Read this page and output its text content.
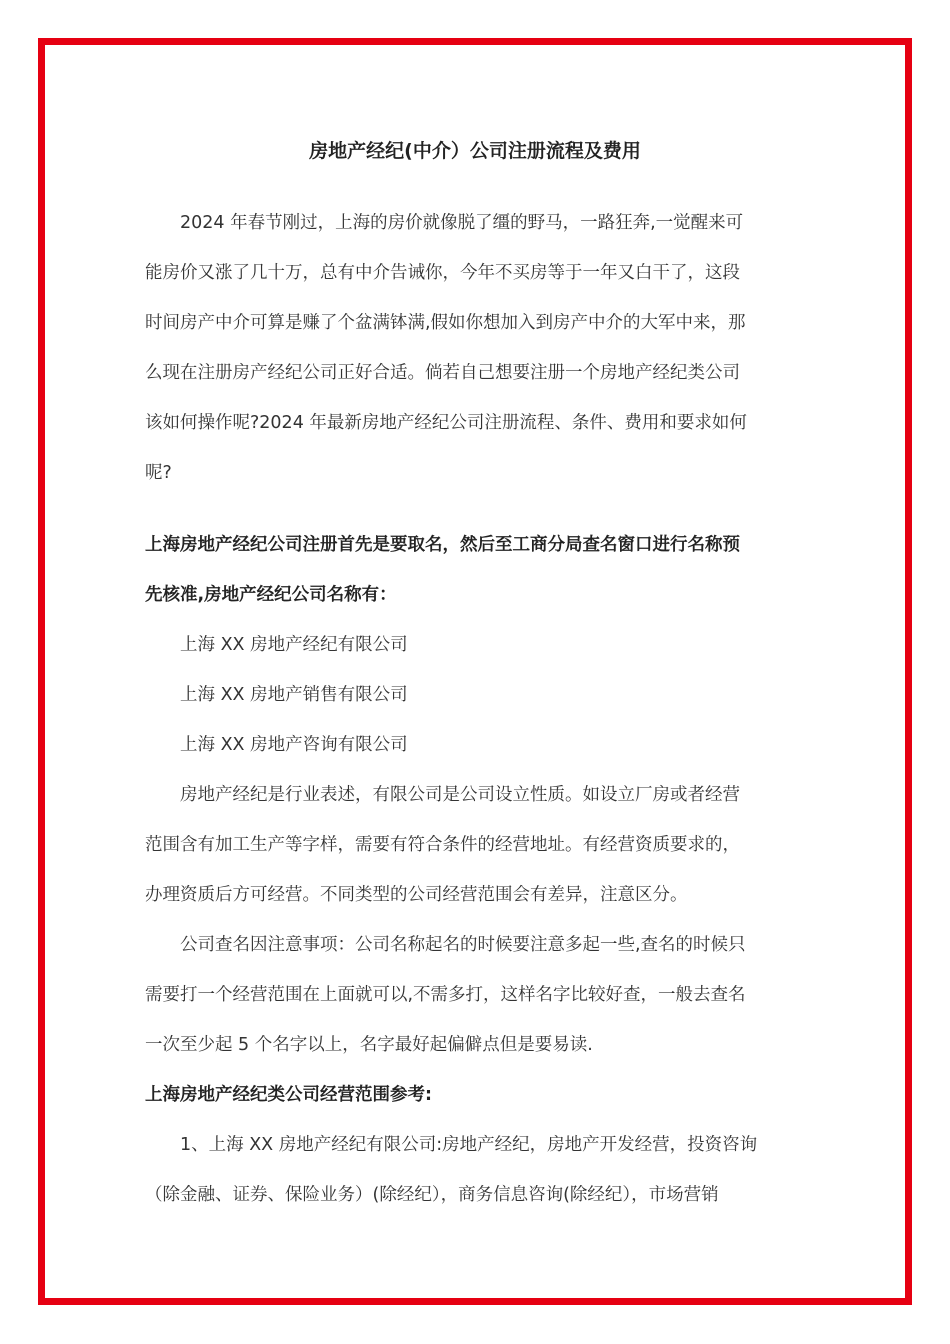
房地产经纪(中介）公司注册流程及费用
2024 年春节刚过，上海的房价就像脱了缰的野马，一路狂奔,一觉醒来可
能房价又涨了几十万，总有中介告诫你，今年不买房等于一年又白干了，这段
时间房产中介可算是赚了个盆满钵满,假如你想加入到房产中介的大军中来，那
么现在注册房产经纪公司正好合适。倘若自己想要注册一个房地产经纪类公司
该如何操作呢?2024 年最新房地产经纪公司注册流程、条件、费用和要求如何
呢?
上海房地产经纪公司注册首先是要取名，然后至工商分局查名窗口进行名称预
先核准,房地产经纪公司名称有：

上海 XX 房地产经纪有限公司

上海 XX 房地产销售有限公司

上海 XX 房地产咨询有限公司

房地产经纪是行业表述，有限公司是公司设立性质。如设立厂房或者经营
范围含有加工生产等字样，需要有符合条件的经营地址。有经营资质要求的，
办理资质后方可经营。不同类型的公司经营范围会有差异，注意区分。
公司查名因注意事项：公司名称起名的时候要注意多起一些,查名的时候只
需要打一个经营范围在上面就可以,不需多打，这样名字比较好查，一般去查名
一次至少起 5 个名字以上，名字最好起偏僻点但是要易读.
上海房地产经纪类公司经营范围参考:
1、上海 XX 房地产经纪有限公司:房地产经纪，房地产开发经营，投资咨询
（除金融、证券、保险业务）(除经纪），商务信息咨询(除经纪），市场营销
